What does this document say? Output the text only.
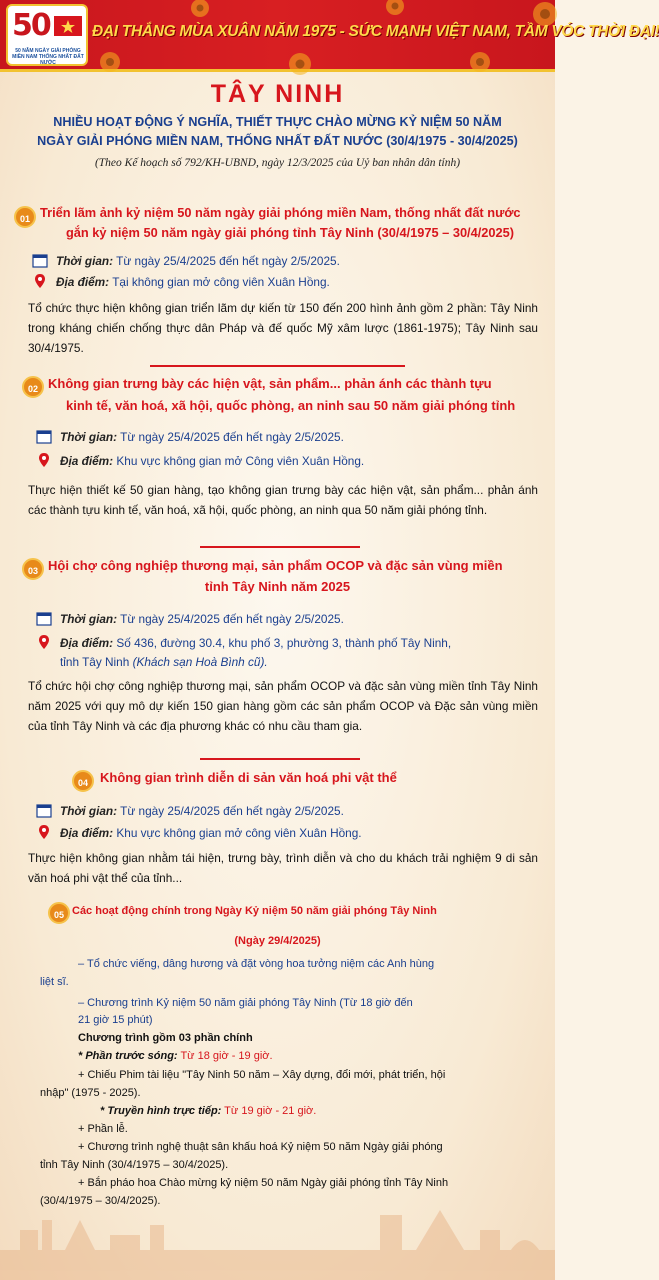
50
50 NĂM NGÀY GIẢI PHÓNG MIỀN NAM THỐNG NHẤT ĐẤT NƯỚC
ĐẠI THẮNG MÙA XUÂN NĂM 1975 - SỨC MẠNH VIỆT NAM, TẦM VÓC THỜI ĐẠI!
TÂY NINH
NHIỀU HOẠT ĐỘNG Ý NGHĨA, THIẾT THỰC CHÀO MỪNG KỶ NIỆM 50 NĂM
NGÀY GIẢI PHÓNG MIỀN NAM, THỐNG NHẤT ĐẤT NƯỚC (30/4/1975 - 30/4/2025)
(Theo Kế hoạch số 792/KH-UBND, ngày 12/3/2025 của Uỷ ban nhân dân tỉnh)
01 Triển lãm ảnh kỷ niệm 50 năm ngày giải phóng miền Nam, thống nhất đất nước
gắn kỷ niệm 50 năm ngày giải phóng tỉnh Tây Ninh (30/4/1975 – 30/4/2025)
Thời gian: Từ ngày 25/4/2025 đến hết ngày 2/5/2025.
Địa điểm: Tại không gian mở công viên Xuân Hồng.
Tổ chức thực hiện không gian triển lãm dự kiến từ 150 đến 200 hình ảnh gồm 2 phần: Tây Ninh trong kháng chiến chống thực dân Pháp và đế quốc Mỹ xâm lược (1861-1975); Tây Ninh sau 30/4/1975.
02 Không gian trưng bày các hiện vật, sản phẩm... phản ánh các thành tựu
kinh tế, văn hoá, xã hội, quốc phòng, an ninh sau 50 năm giải phóng tỉnh
Thời gian: Từ ngày 25/4/2025 đến hết ngày 2/5/2025.
Địa điểm: Khu vực không gian mở Công viên Xuân Hồng.
Thực hiện thiết kế 50 gian hàng, tạo không gian trưng bày các hiện vật, sản phẩm... phản ánh các thành tựu kinh tế, văn hoá, xã hội, quốc phòng, an ninh qua 50 năm giải phóng tỉnh.
03 Hội chợ công nghiệp thương mại, sản phẩm OCOP và đặc sản vùng miền
tỉnh Tây Ninh năm 2025
Thời gian: Từ ngày 25/4/2025 đến hết ngày 2/5/2025.
Địa điểm: Số 436, đường 30.4, khu phố 3, phường 3, thành phố Tây Ninh,
tỉnh Tây Ninh (Khách sạn Hoà Bình cũ).
Tổ chức hội chợ công nghiệp thương mại, sản phẩm OCOP và đặc sản vùng miền tỉnh Tây Ninh năm 2025 với quy mô dự kiến 150 gian hàng gồm các sản phẩm OCOP và Đặc sản vùng miền của tỉnh Tây Ninh và các địa phương khác có nhu cầu tham gia.
04 Không gian trình diễn di sản văn hoá phi vật thể
Thời gian: Từ ngày 25/4/2025 đến hết ngày 2/5/2025.
Địa điểm: Khu vực không gian mở công viên Xuân Hồng.
Thực hiện không gian nhằm tái hiện, trưng bày, trình diễn và cho du khách trải nghiệm 9 di sản văn hoá phi vật thể của tỉnh...
05 Các hoạt động chính trong Ngày Kỷ niệm 50 năm giải phóng Tây Ninh
(Ngày 29/4/2025)
– Tổ chức viếng, dâng hương và đặt vòng hoa tưởng niệm các Anh hùng
liệt sĩ.
– Chương trình Kỷ niệm 50 năm giải phóng Tây Ninh (Từ 18 giờ đến
21 giờ 15 phút)
Chương trình gồm 03 phần chính
* Phần trước sóng: Từ 18 giờ - 19 giờ.
+ Chiếu Phim tài liệu "Tây Ninh 50 năm – Xây dựng, đổi mới, phát triển, hội
nhập" (1975 - 2025).
* Truyền hình trực tiếp: Từ 19 giờ - 21 giờ.
+ Phần lễ.
+ Chương trình nghệ thuật sân khấu hoá Kỷ niệm 50 năm Ngày giải phóng
tỉnh Tây Ninh (30/4/1975 – 30/4/2025).
+ Bắn pháo hoa Chào mừng kỷ niệm 50 năm Ngày giải phóng tỉnh Tây Ninh
(30/4/1975 – 30/4/2025).
